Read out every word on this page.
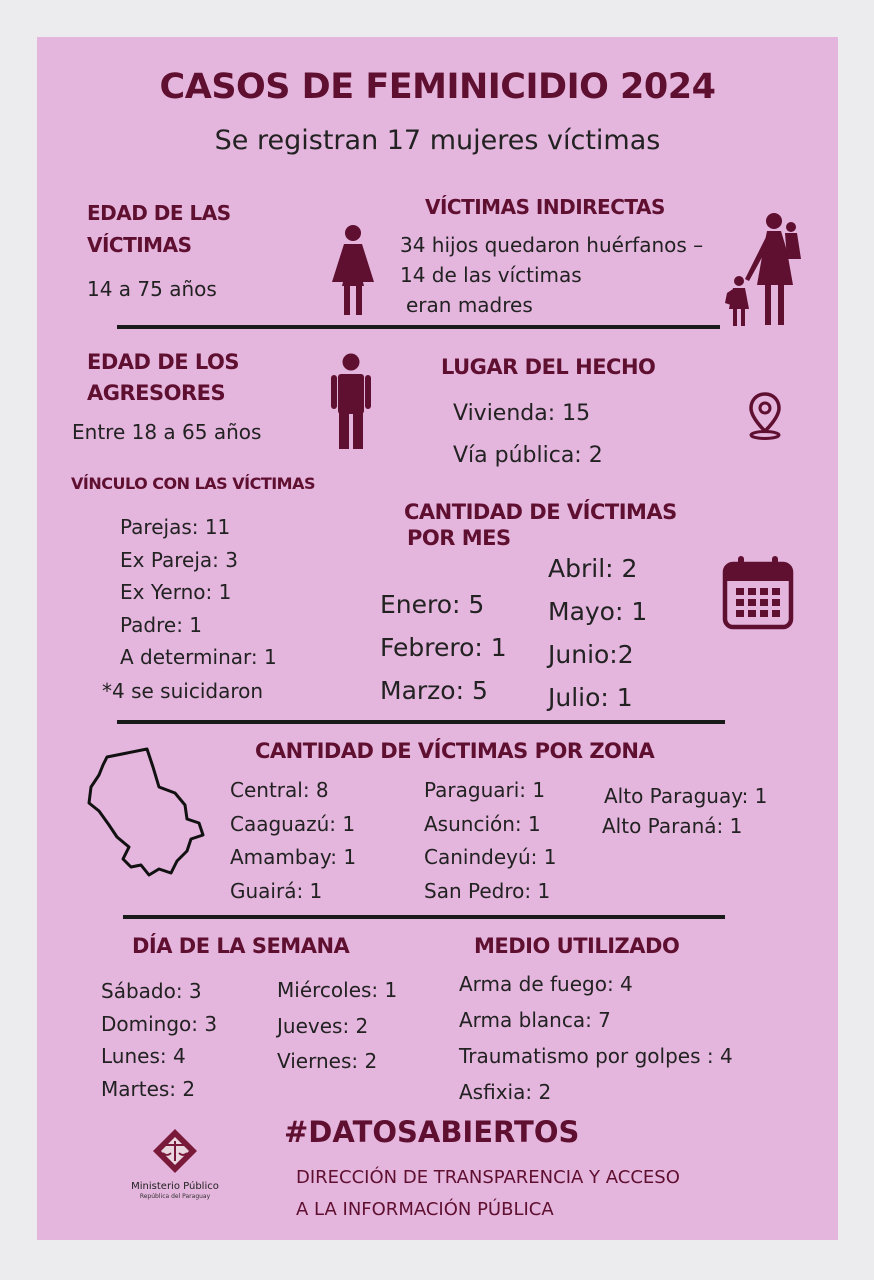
CASOS DE FEMINICIDIO 2024
Se registran 17 mujeres víctimas
EDAD DE LAS
VÍCTIMAS
14 a 75 años
VÍCTIMAS INDIRECTAS
34 hijos quedaron huérfanos –
14 de las víctimas
eran madres
EDAD DE LOS
AGRESORES
Entre 18 a 65 años
LUGAR DEL HECHO
Vivienda: 15
Vía pública: 2
VÍNCULO CON LAS VÍCTIMAS
Parejas: 11
Ex Pareja: 3
Ex Yerno: 1
Padre: 1
A determinar: 1
*4 se suicidaron
CANTIDAD DE VÍCTIMAS
POR MES
Enero: 5
Febrero: 1
Marzo: 5
Abril: 2
Mayo: 1
Junio:2
Julio: 1
CANTIDAD DE VÍCTIMAS POR ZONA
Central: 8
Caaguazú: 1
Amambay: 1
Guairá: 1
Paraguari: 1
Asunción: 1
Canindeyú: 1
San Pedro: 1
Alto Paraguay: 1
Alto Paraná: 1
DÍA DE LA SEMANA
Sábado: 3
Domingo: 3
Lunes: 4
Martes: 2
Miércoles: 1
Jueves: 2
Viernes: 2
MEDIO UTILIZADO
Arma de fuego: 4
Arma blanca: 7
Traumatismo por golpes : 4
Asfixia: 2
Ministerio Público
República del Paraguay
#DATOSABIERTOS
DIRECCIÓN DE TRANSPARENCIA Y ACCESO
A LA INFORMACIÓN PÚBLICA
